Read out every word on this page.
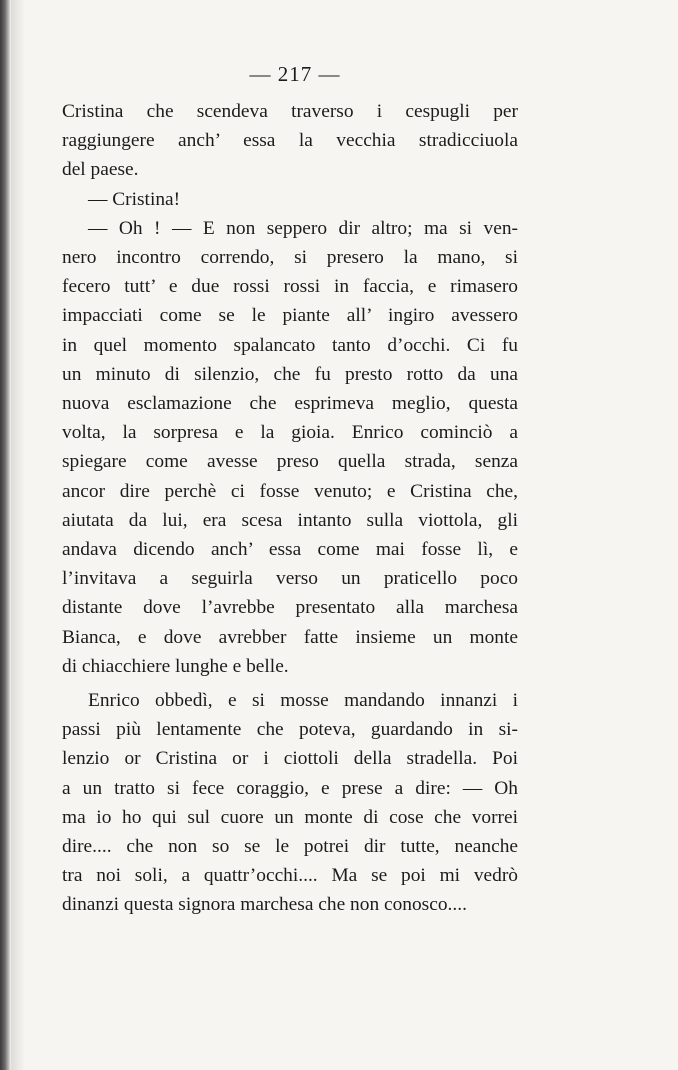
— 217 —
Cristina che scendeva traverso i cespugli per
raggiungere anch’ essa la vecchia stradicciuola
del paese.
— Cristina!
— Oh ! — E non seppero dir altro; ma si ven-
nero incontro correndo, si presero la mano, si
fecero tutt’ e due rossi rossi in faccia, e rimasero
impacciati come se le piante all’ ingiro avessero
in quel momento spalancato tanto d’occhi. Ci fu
un minuto di silenzio, che fu presto rotto da una
nuova esclamazione che esprimeva meglio, questa
volta, la sorpresa e la gioia. Enrico cominciò a
spiegare come avesse preso quella strada, senza
ancor dire perchè ci fosse venuto; e Cristina che,
aiutata da lui, era scesa intanto sulla viottola, gli
andava dicendo anch’ essa come mai fosse lì, e
l’invitava a seguirla verso un praticello poco
distante dove l’avrebbe presentato alla marchesa
Bianca, e dove avrebber fatte insieme un monte
di chiacchiere lunghe e belle.
Enrico obbedì, e si mosse mandando innanzi i
passi più lentamente che poteva, guardando in si-
lenzio or Cristina or i ciottoli della stradella. Poi
a un tratto si fece coraggio, e prese a dire: — Oh
ma io ho qui sul cuore un monte di cose che vorrei
dire.... che non so se le potrei dir tutte, neanche
tra noi soli, a quattr’occhi.... Ma se poi mi vedrò
dinanzi questa signora marchesa che non conosco....
